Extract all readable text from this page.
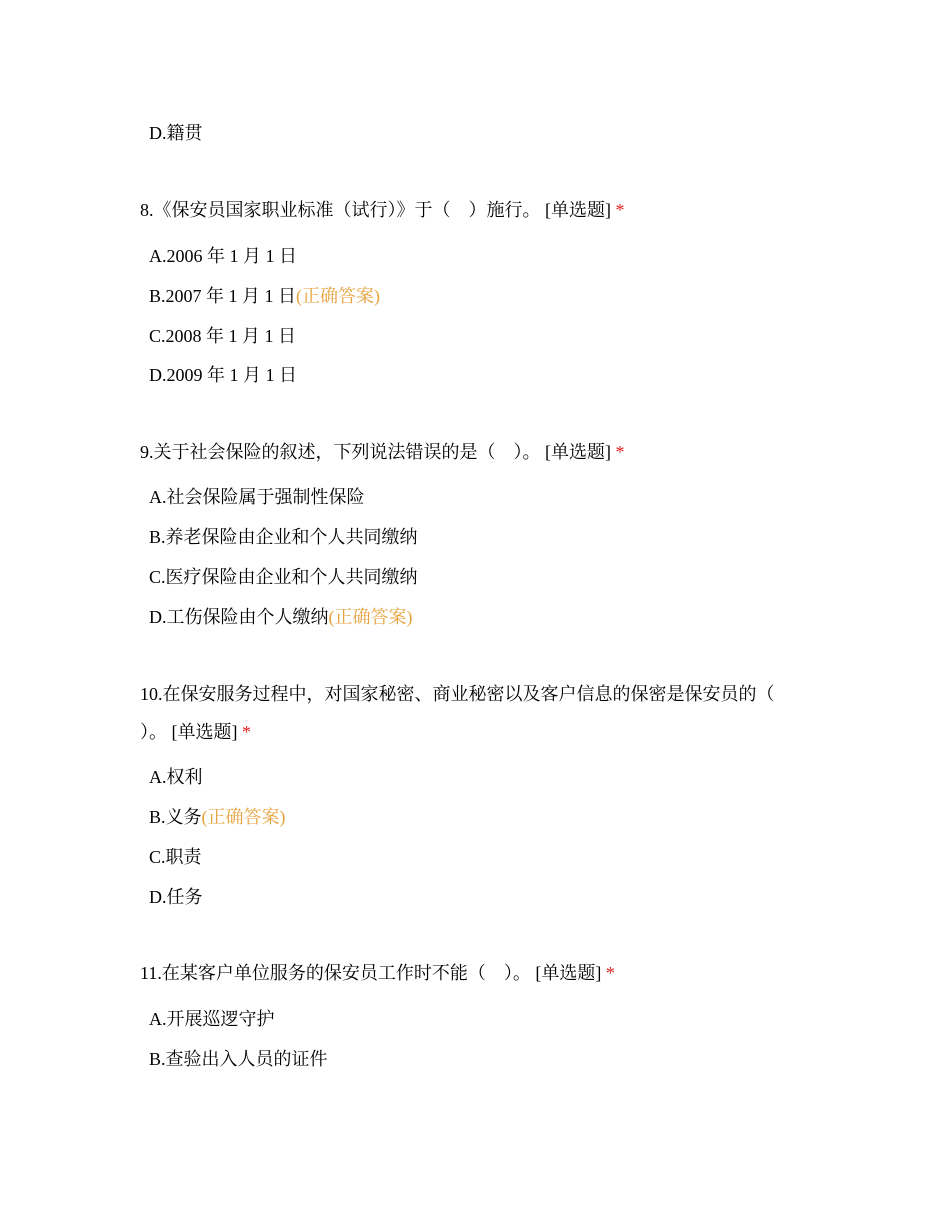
D.籍贯
8.《保安员国家职业标准（试行）》于（　）施行。 [单选题] *
A.2006 年 1 月 1 日
B.2007 年 1 月 1 日(正确答案)
C.2008 年 1 月 1 日
D.2009 年 1 月 1 日
9.关于社会保险的叙述，下列说法错误的是（　）。 [单选题] *
A.社会保险属于强制性保险
B.养老保险由企业和个人共同缴纳
C.医疗保险由企业和个人共同缴纳
D.工伤保险由个人缴纳(正确答案)
10.在保安服务过程中，对国家秘密、商业秘密以及客户信息的保密是保安员的（
）。 [单选题] *
A.权利
B.义务(正确答案)
C.职责
D.任务
11.在某客户单位服务的保安员工作时不能（　）。 [单选题] *
A.开展巡逻守护
B.查验出入人员的证件
